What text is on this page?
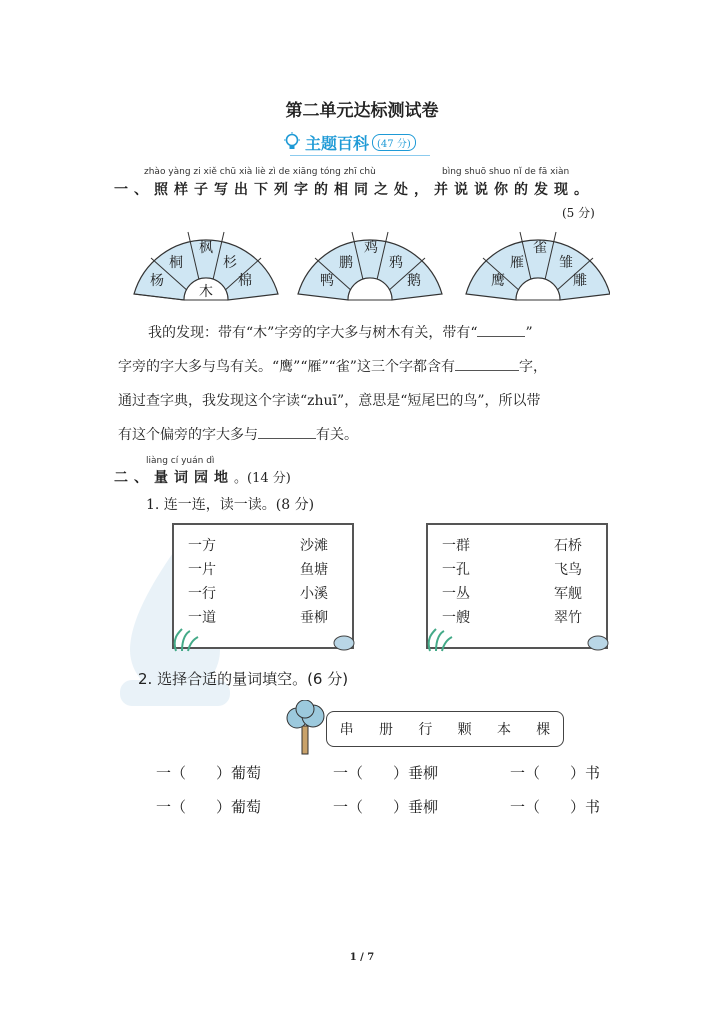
第二单元达标测试卷
主题百科 (47 分)
zhào yàng zi xiě chū xià liè zì de xiāng tóng zhī chù	bìng shuō shuo nǐ de fā xiàn
一、照样子写出下列字的相同之处，并说说你的发现。
(5 分)
杨
桐
枫
杉
棉
木
鸭
鹏
鸡
鸦
鹅	鹰
雁
雀
雏
雕
我的发现：带有“木”字旁的字大多与树木有关，带有“	”
字旁的字大多与鸟有关。“鹰”“雁”“雀”这三个字都含有	字，
通过查字典，我发现这个字读“zhuī”，意思是“短尾巴的鸟”，所以带
有这个偏旁的字大多与	有关。
liàng cí yuán dì
二、量词园地。(14 分)
1. 连一连，读一读。(8 分)
一方
一片
一行
一道
沙滩
鱼塘
小溪
垂柳
一群
一孔
一丛
一艘
石桥
飞鸟
军舰
翠竹
2. 选择合适的量词填空。(6 分)
串 册 行 颗 本 棵
一（　　）葡萄	一（　　）垂柳	一（　　）书
一（　　）葡萄	一（　　）垂柳	一（　　）书
1 / 7
